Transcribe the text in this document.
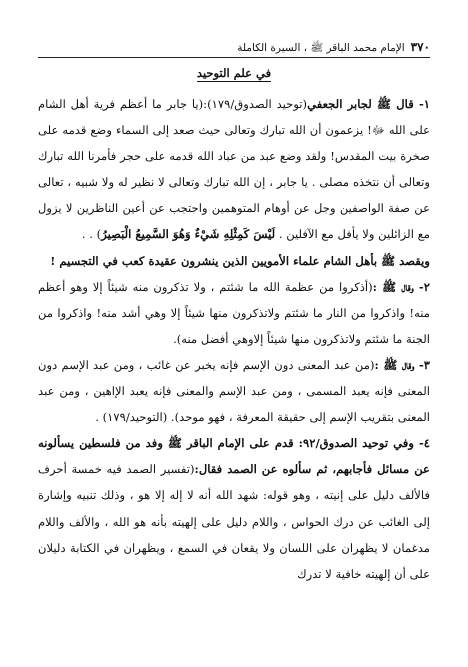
٣٧٠
الإمام محمد الباقر ﷺ ، السيرة الكاملة
في علم التوحيد

١- قال ﷺ لجابر الجعفي(توحيد الصدوق/١٧٩):(يا جابر ما أعظم فرية أهل الشام على الله ﷻ! يزعمون أن الله تبارك وتعالى حيث صعد إلى السماء وضع قدمه على صخرة بيت المقدس! ولقد وضع عبد من عباد الله قدمه على حجر فأمرنا الله تبارك وتعالى أن نتخذه مصلى . يا جابر ، إن الله تبارك وتعالى لا نظير له ولا شبيه ، تعالى عن صفة الواصفين وجل عن أوهام المتوهمين واحتجب عن أعين الناظرين لا يزول مع الزائلين ولا يأفل مع الآفلين . لَيْسَ كَمِثْلِهِ شَيْءٌ وَهُوَ السَّمِيعُ الْبَصِيرُ) . .

ويقصد ﷺ بأهل الشام علماء الأمويين الذين ينشرون عقيدة كعب في التجسيم !

٢- وقال ﷺ :(أذكروا من عظمة الله ما شئتم ، ولا تذكرون منه شيئاً إلا وهو أعظم منه! واذكروا من النار ما شئتم ولاتذكرون منها شيئاً إلا وهي أشد منه! واذكروا من الجنة ما شئتم ولاتذكرون منها شيئاً إلاوهي أفضل منه).

٣- وقال ﷺ :(من عبد المعنى دون الإسم فإنه يخبر عن غائب ، ومن عبد الإسم دون المعنى فإنه يعبد المسمى ، ومن عبد الإسم والمعنى فإنه يعبد الإاهين ، ومن عبد المعنى بتقريب الإسم إلى حقيقة المعرفة ، فهو موحد). (التوحيد/١٧٩) .

٤- وفي توحيد الصدوق/٩٢: قدم على الإمام الباقر ﷺ وفد من فلسطين يسألونه عن مسائل فأجابهم، ثم سألوه عن الصمد فقال:(تفسير الصمد فيه خمسة أحرف فالألف دليل على إنيته ، وهو قوله: شهد الله أنه لا إله إلا هو ، وذلك تنبيه وإشارة إلى الغائب عن درك الحواس ، واللام دليل على إلهيته بأنه هو الله ، والألف واللام مدغمان لا يظهران على اللسان ولا يقعان في السمع ، ويظهران في الكتابة دليلان على أن إلهيته خافية لا تدرك
